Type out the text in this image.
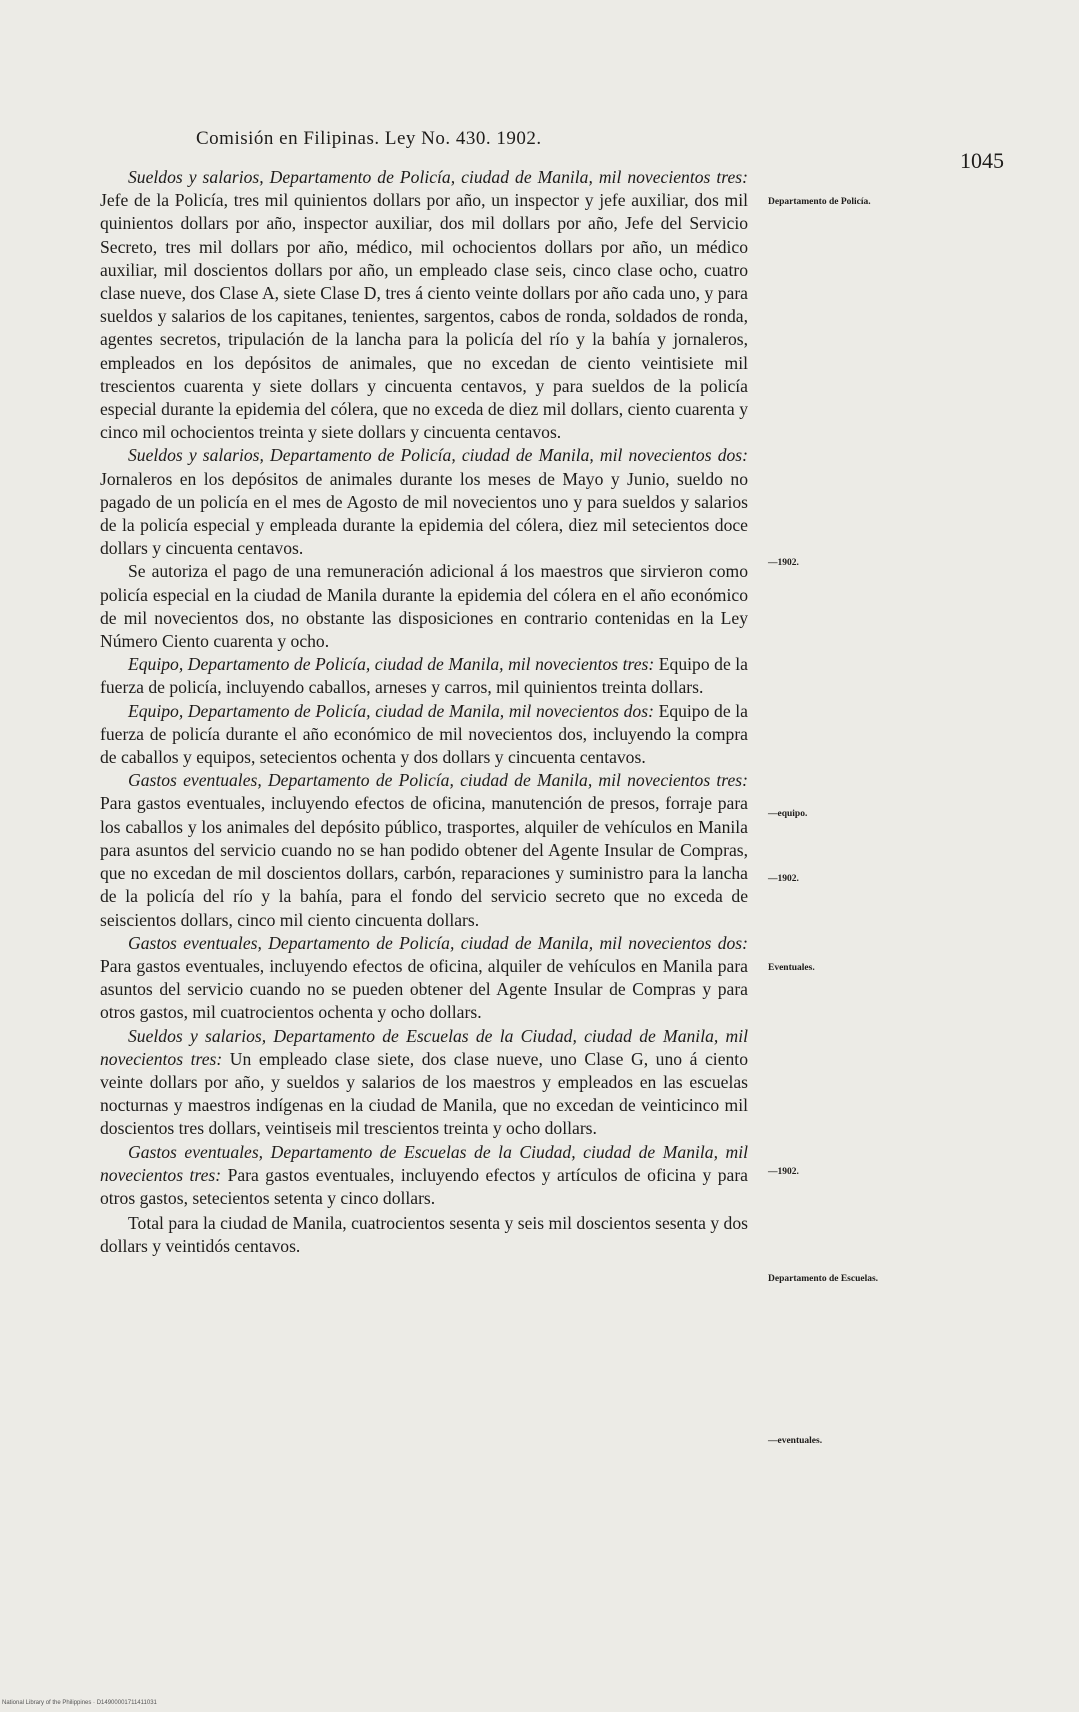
Comisión en Filipinas. Ley No. 430. 1902.
1045

Sueldos y salarios, Departamento de Policía, ciudad de Manila, mil novecientos tres: Jefe de la Policía, tres mil quinientos dollars por año, un inspector y jefe auxiliar, dos mil quinientos dollars por año, inspector auxiliar, dos mil dollars por año, Jefe del Servicio Secreto, tres mil dollars por año, médico, mil ochocientos dollars por año, un médico auxiliar, mil doscientos dollars por año, un empleado clase seis, cinco clase ocho, cuatro clase nueve, dos Clase A, siete Clase D, tres á ciento veinte dollars por año cada uno, y para sueldos y salarios de los capitanes, tenientes, sargentos, cabos de ronda, soldados de ronda, agentes secretos, tripulación de la lancha para la policía del río y la bahía y jornaleros, empleados en los depósitos de animales, que no excedan de ciento veintisiete mil trescientos cuarenta y siete dollars y cincuenta centavos, y para sueldos de la policía especial durante la epidemia del cólera, que no exceda de diez mil dollars, ciento cuarenta y cinco mil ochocientos treinta y siete dollars y cincuenta centavos.

Sueldos y salarios, Departamento de Policía, ciudad de Manila, mil novecientos dos: Jornaleros en los depósitos de animales durante los meses de Mayo y Junio, sueldo no pagado de un policía en el mes de Agosto de mil novecientos uno y para sueldos y salarios de la policía especial y empleada durante la epidemia del cólera, diez mil setecientos doce dollars y cincuenta centavos.

Se autoriza el pago de una remuneración adicional á los maestros que sirvieron como policía especial en la ciudad de Manila durante la epidemia del cólera en el año económico de mil novecientos dos, no obstante las disposiciones en contrario contenidas en la Ley Número Ciento cuarenta y ocho.

Equipo, Departamento de Policía, ciudad de Manila, mil novecientos tres: Equipo de la fuerza de policía, incluyendo caballos, arneses y carros, mil quinientos treinta dollars.

Equipo, Departamento de Policía, ciudad de Manila, mil novecientos dos: Equipo de la fuerza de policía durante el año económico de mil novecientos dos, incluyendo la compra de caballos y equipos, setecientos ochenta y dos dollars y cincuenta centavos.

Gastos eventuales, Departamento de Policía, ciudad de Manila, mil novecientos tres: Para gastos eventuales, incluyendo efectos de oficina, manutención de presos, forraje para los caballos y los animales del depósito público, trasportes, alquiler de vehículos en Manila para asuntos del servicio cuando no se han podido obtener del Agente Insular de Compras, que no excedan de mil doscientos dollars, carbón, reparaciones y suministro para la lancha de la policía del río y la bahía, para el fondo del servicio secreto que no exceda de seiscientos dollars, cinco mil ciento cincuenta dollars.

Gastos eventuales, Departamento de Policía, ciudad de Manila, mil novecientos dos: Para gastos eventuales, incluyendo efectos de oficina, alquiler de vehículos en Manila para asuntos del servicio cuando no se pueden obtener del Agente Insular de Compras y para otros gastos, mil cuatrocientos ochenta y ocho dollars.

Sueldos y salarios, Departamento de Escuelas de la Ciudad, ciudad de Manila, mil novecientos tres: Un empleado clase siete, dos clase nueve, uno Clase G, uno á ciento veinte dollars por año, y sueldos y salarios de los maestros y empleados en las escuelas nocturnas y maestros indígenas en la ciudad de Manila, que no excedan de veinticinco mil doscientos tres dollars, veintiseis mil trescientos treinta y ocho dollars.

Gastos eventuales, Departamento de Escuelas de la Ciudad, ciudad de Manila, mil novecientos tres: Para gastos eventuales, incluyendo efectos y artículos de oficina y para otros gastos, setecientos setenta y cinco dollars.

Total para la ciudad de Manila, cuatrocientos sesenta y seis mil doscientos sesenta y dos dollars y veintidós centavos.

Departamento de Policía.
—1902.
—equipo.
—1902.
Eventuales.
—1902.
Departamento de Escuelas.
—eventuales.
National Library of the Philippines · D14900001711411031
